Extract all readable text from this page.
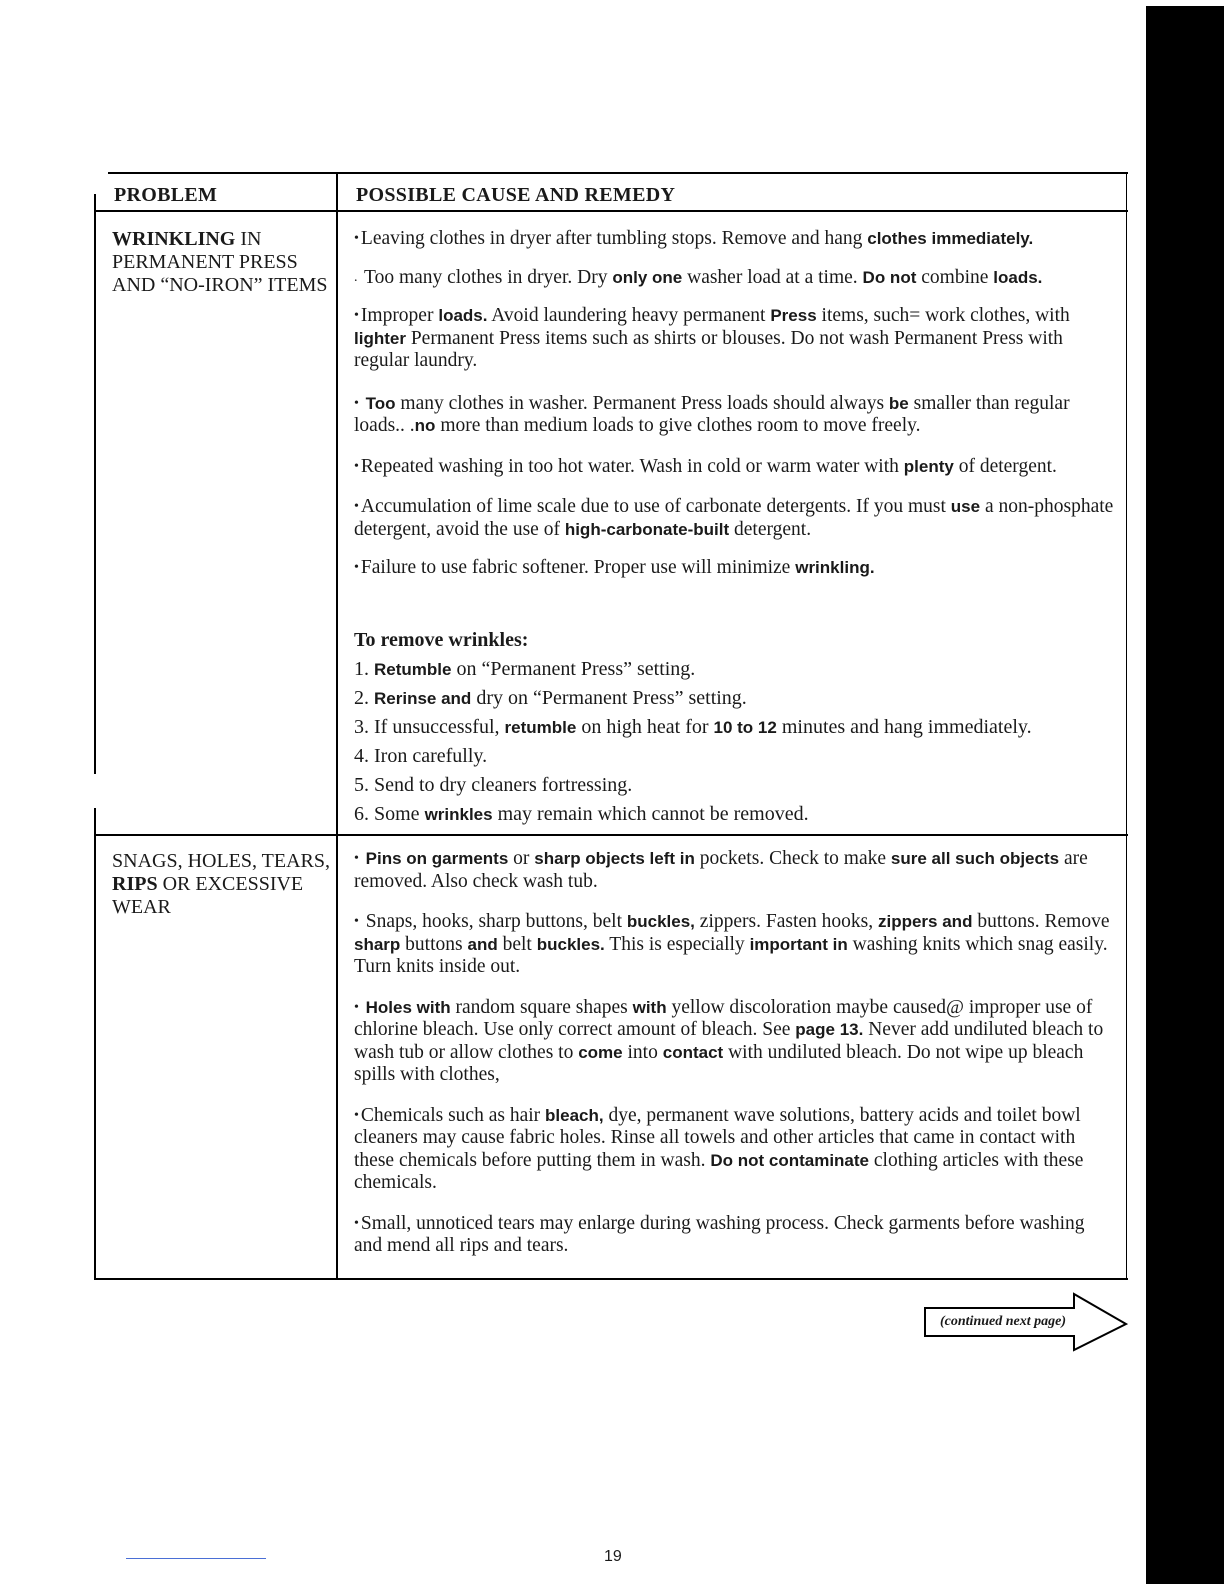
PROBLEM	POSSIBLE CAUSE AND REMEDY
WRINKLING IN PERMANENT PRESS AND “NO-IRON” ITEMS

• Leaving clothes in dryer after tumbling stops. Remove and hang clothes immediately.

. Too many clothes in dryer. Dry only one washer load at a time. Do not combine loads.

• Improper loads. Avoid laundering heavy permanent Press items, such= work clothes, with lighter Permanent Press items such as shirts or blouses. Do not wash Permanent Press with regular laundry.

• Too many clothes in washer. Permanent Press loads should always be smaller than regular loads.. .no more than medium loads to give clothes room to move freely.

• Repeated washing in too hot water. Wash in cold or warm water with plenty of detergent.

• Accumulation of lime scale due to use of carbonate detergents. If you must use a non-phosphate detergent, avoid the use of high-carbonate-built detergent.

• Failure to use fabric softener. Proper use will minimize wrinkling.

To remove wrinkles:

1. Retumble on “Permanent Press” setting.

2. Rerinse and dry on “Permanent Press” setting.

3. If unsuccessful, retumble on high heat for 10 to 12 minutes and hang immediately.

4. Iron carefully.

5. Send to dry cleaners fortressing.

6. Some wrinkles may remain which cannot be removed.

SNAGS, HOLES, TEARS, RIPS OR EXCESSIVE WEAR

• Pins on garments or sharp objects left in pockets. Check to make sure all such objects are removed. Also check wash tub.

• Snaps, hooks, sharp buttons, belt buckles, zippers. Fasten hooks, zippers and buttons. Remove sharp buttons and belt buckles. This is especially important in washing knits which snag easily. Turn knits inside out.

• Holes with random square shapes with yellow discoloration maybe caused@ improper use of chlorine bleach. Use only correct amount of bleach. See page 13. Never add undiluted bleach to wash tub or allow clothes to come into contact with undiluted bleach. Do not wipe up bleach spills with clothes,

• Chemicals such as hair bleach, dye, permanent wave solutions, battery acids and toilet bowl cleaners may cause fabric holes. Rinse all towels and other articles that came in contact with these chemicals before putting them in wash. Do not contaminate clothing articles with these chemicals.

• Small, unnoticed tears may enlarge during washing process. Check garments before washing and mend all rips and tears.

(continued next page)
19
